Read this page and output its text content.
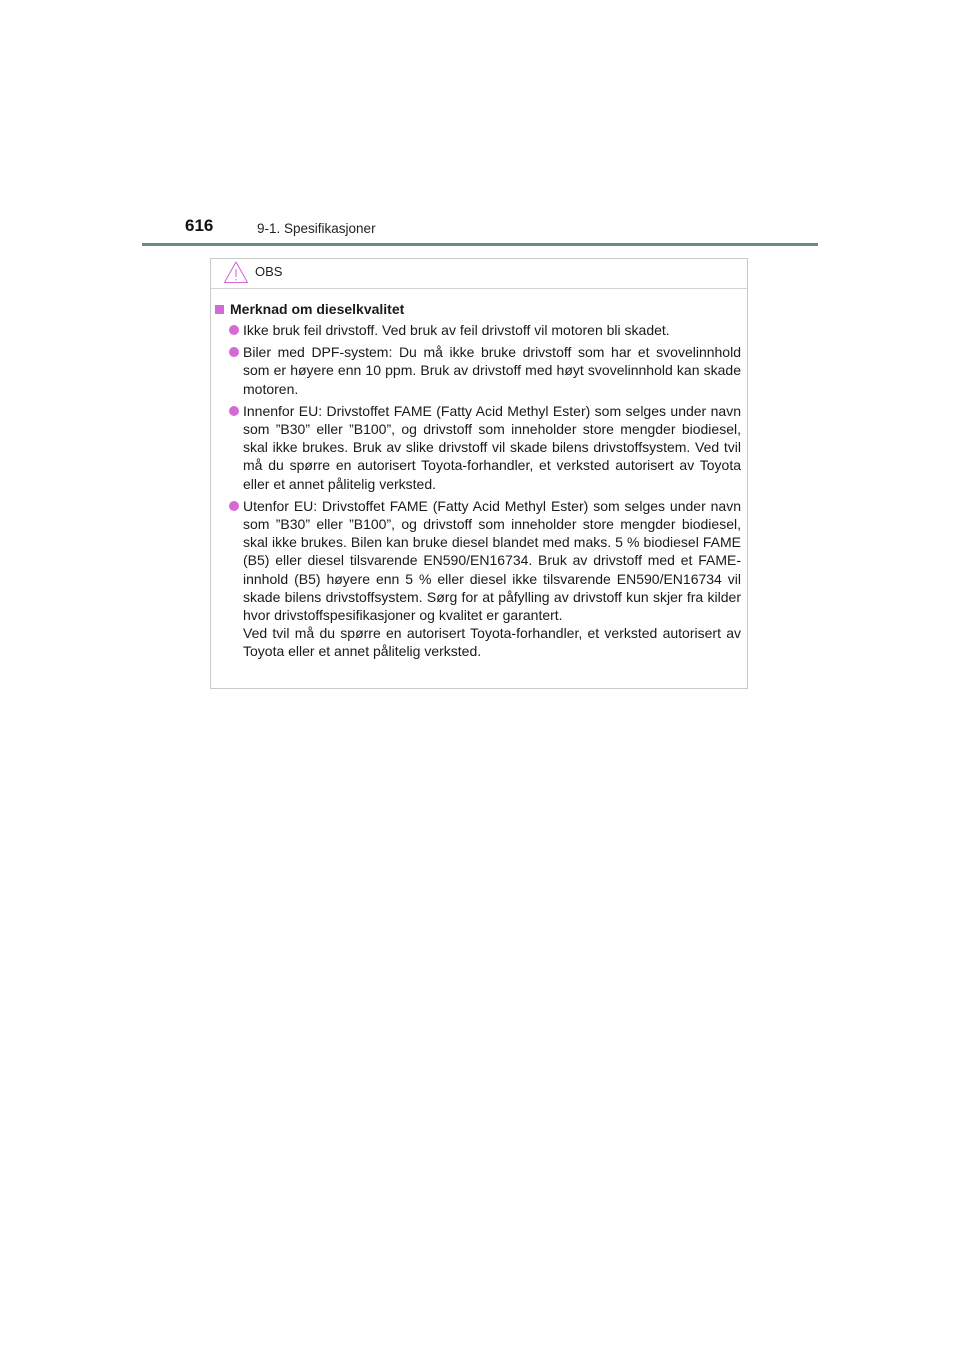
616	9-1. Spesifikasjoner
OBS
Merknad om dieselkvalitet

Ikke bruk feil drivstoff. Ved bruk av feil drivstoff vil motoren bli skadet.

Biler med DPF-system: Du må ikke bruke drivstoff som har et svovelinnhold som er høyere enn 10 ppm. Bruk av drivstoff med høyt svovelinnhold kan skade motoren.

Innenfor EU: Drivstoffet FAME (Fatty Acid Methyl Ester) som selges under navn som ”B30” eller ”B100”, og drivstoff som inneholder store mengder biodiesel, skal ikke brukes. Bruk av slike drivstoff vil skade bilens drivstoffsystem. Ved tvil må du spørre en autorisert Toyota-forhandler, et verksted autorisert av Toyota eller et annet pålitelig verksted.

Utenfor EU: Drivstoffet FAME (Fatty Acid Methyl Ester) som selges under navn som ”B30” eller ”B100”, og drivstoff som inneholder store mengder biodiesel, skal ikke brukes. Bilen kan bruke diesel blandet med maks. 5 % biodiesel FAME (B5) eller diesel tilsvarende EN590/EN16734. Bruk av drivstoff med et FAME-innhold (B5) høyere enn 5 % eller diesel ikke tilsvarende EN590/EN16734 vil skade bilens drivstoffsystem. Sørg for at påfylling av drivstoff kun skjer fra kilder hvor drivstoffspesifikasjoner og kvalitet er garantert.

Ved tvil må du spørre en autorisert Toyota-forhandler, et verksted autorisert av Toyota eller et annet pålitelig verksted.
